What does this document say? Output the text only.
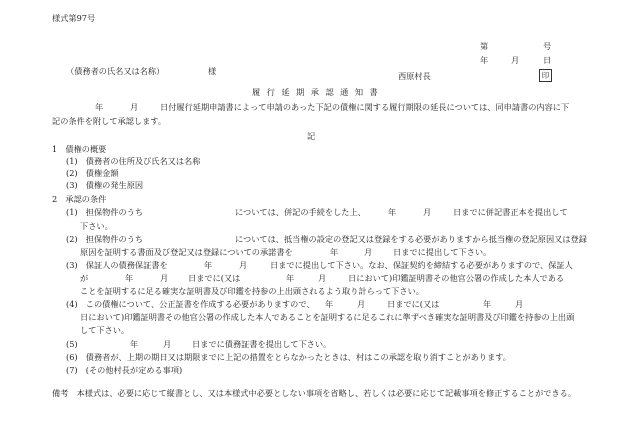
様式第97号
第	号
年	月	日
（債務者の氏名又は名称）	様	西原村長	印
履行延期承認通知書
年	月	日付履行延期申請書によって申請のあった下記の債権に関する履行期限の延長については、同申請書の内容に下
記の条件を附して承認します。
記
1　債権の概要
(1)　債務者の住所及び氏名又は名称
(2)　債権金額
(3)　債権の発生原因
2　承認の条件
(1)　担保物件のうち	については、併記の手続をした上、	年	月	日までに併記書正本を提出して
下さい。
(2)　担保物件のうち	については、抵当権の設定の登記又は登録をする必要がありますから抵当権の登記原因又は登録
原因を証明する書面及び登記又は登録についての承諾書を	年	月	日までに提出して下さい。
(3)　保証人の債務保証書を	年	月	日までに提出して下さい。なお、保証契約を締結する必要がありますので、保証人
が	年	月 日までに(又は	年	月	日において)印鑑証明書その他官公署の作成した本人である
ことを証明するに足る確実な証明書及び印鑑を持参の上出頭されるよう取り計らって下さい。
(4)　この債権について、公正証書を作成する必要がありますので、 年	月	日までに(又は	年	月
日において)印鑑証明書その他官公署の作成した本人であることを証明するに足るこれに準ずべき確実な証明書及び印鑑を持参の上出頭
して下さい。
(5)	年	月	日までに債務証書を提出して下さい。
(6)　債務者が、上期の期日又は期限までに上記の措置をとらなかったときは、村はこの承認を取り消すことがあります。
(7)　(その他村長が定める事項)
備考　本様式は、必要に応じて縦書とし、又は本様式中必要としない事項を省略し、若しくは必要に応じて記載事項を修正することができる。
